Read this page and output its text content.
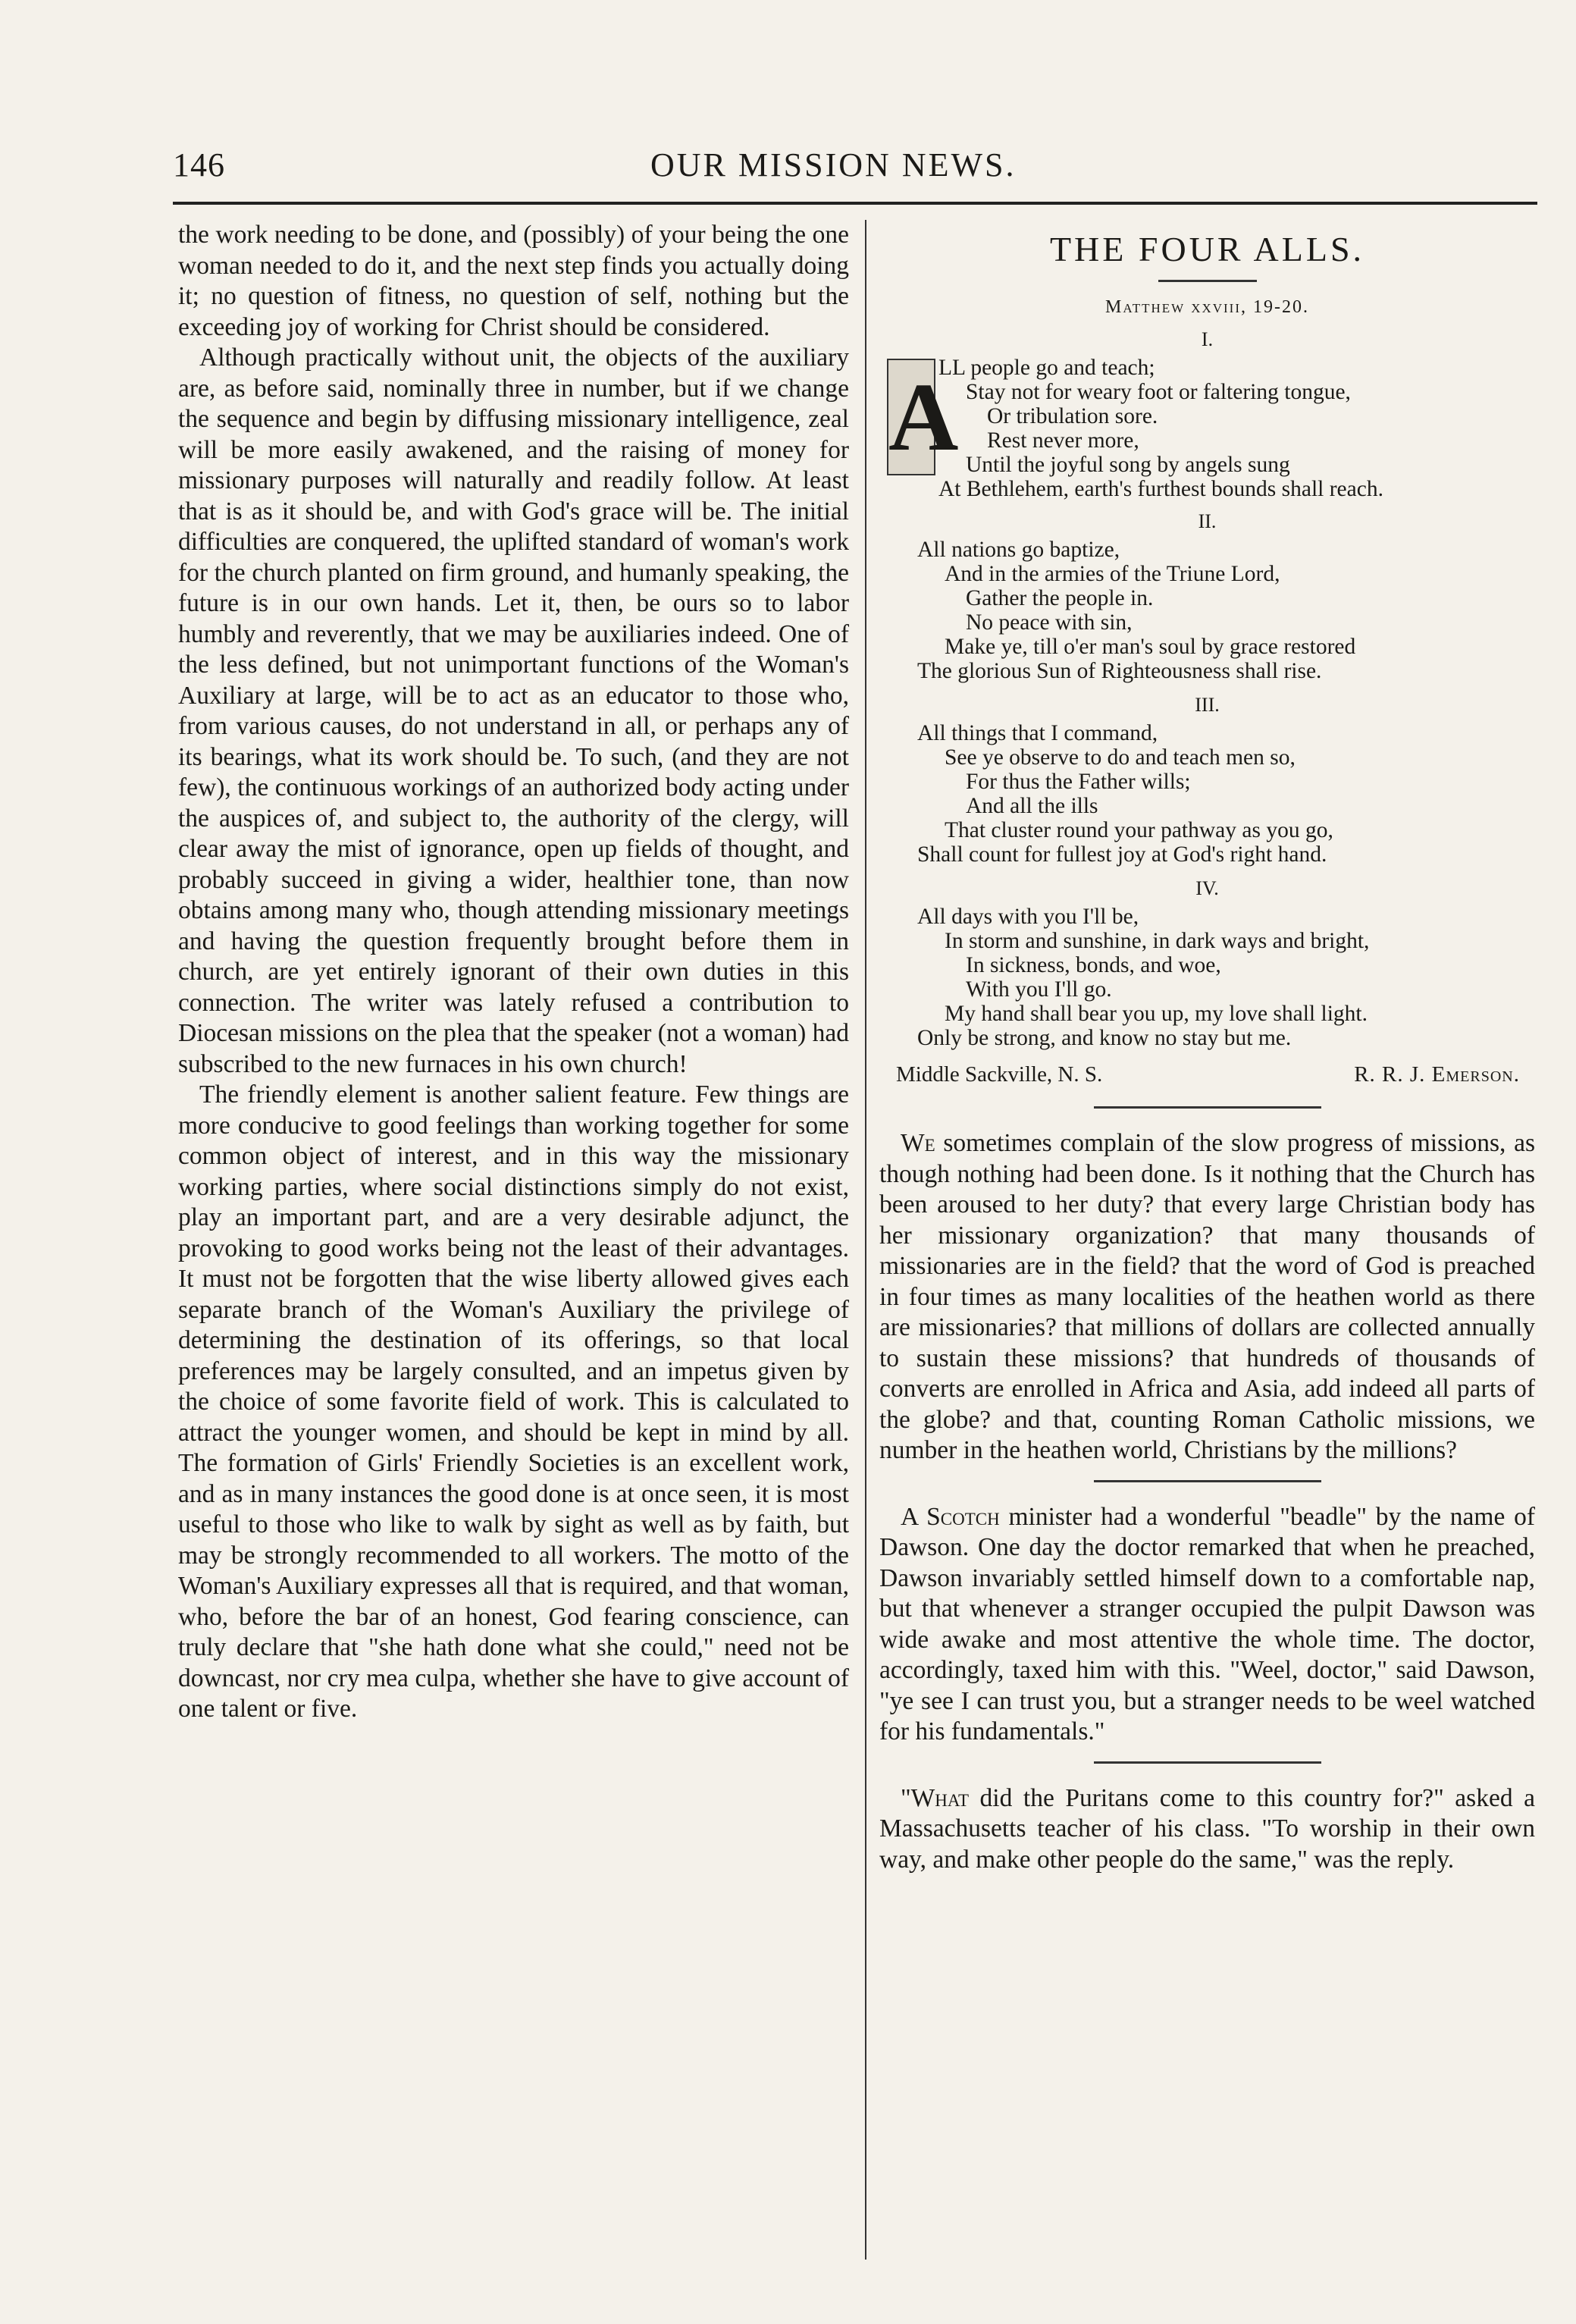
146	OUR MISSION NEWS.

the work needing to be done, and (possibly) of your being the one woman needed to do it, and the next step finds you actually doing it; no question of fitness, no question of self, nothing but the exceeding joy of working for Christ should be considered.

Although practically without unit, the objects of the auxiliary are, as before said, nominally three in number, but if we change the sequence and begin by diffusing missionary intelligence, zeal will be more easily awakened, and the raising of money for missionary purposes will naturally and readily follow. At least that is as it should be, and with God's grace will be. The initial difficulties are conquered, the uplifted standard of woman's work for the church planted on firm ground, and humanly speaking, the future is in our own hands. Let it, then, be ours so to labor humbly and reverently, that we may be auxiliaries indeed. One of the less defined, but not unimportant functions of the Woman's Auxiliary at large, will be to act as an educator to those who, from various causes, do not understand in all, or perhaps any of its bearings, what its work should be. To such, (and they are not few), the continuous workings of an authorized body acting under the auspices of, and subject to, the authority of the clergy, will clear away the mist of ignorance, open up fields of thought, and probably succeed in giving a wider, healthier tone, than now obtains among many who, though attending missionary meetings and having the question frequently brought before them in church, are yet entirely ignorant of their own duties in this connection. The writer was lately refused a contribution to Diocesan missions on the plea that the speaker (not a woman) had subscribed to the new furnaces in his own church!

The friendly element is another salient feature. Few things are more conducive to good feelings than working together for some common object of interest, and in this way the missionary working parties, where social distinctions simply do not exist, play an important part, and are a very desirable adjunct, the provoking to good works being not the least of their advantages. It must not be forgotten that the wise liberty allowed gives each separate branch of the Woman's Auxiliary the privilege of determining the destination of its offerings, so that local preferences may be largely consulted, and an impetus given by the choice of some favorite field of work. This is calculated to attract the younger women, and should be kept in mind by all. The formation of Girls' Friendly Societies is an excellent work, and as in many instances the good done is at once seen, it is most useful to those who like to walk by sight as well as by faith, but may be strongly recommended to all workers. The motto of the Woman's Auxiliary expresses all that is required, and that woman, who, before the bar of an honest, God fearing conscience, can truly declare that "she hath done what she could," need not be downcast, nor cry mea culpa, whether she have to give account of one talent or five.

THE FOUR ALLS.
Matthew xxviii, 19-20.
I.
A
LL people go and teach;
Stay not for weary foot or faltering tongue,
Or tribulation sore.
Rest never more,
Until the joyful song by angels sung
At Bethlehem, earth's furthest bounds shall reach.
II.
All nations go baptize,
And in the armies of the Triune Lord,
Gather the people in.
No peace with sin,
Make ye, till o'er man's soul by grace restored
The glorious Sun of Righteousness shall rise.
III.
All things that I command,
See ye observe to do and teach men so,
For thus the Father wills;
And all the ills
That cluster round your pathway as you go,
Shall count for fullest joy at God's right hand.
IV.
All days with you I'll be,
In storm and sunshine, in dark ways and bright,
In sickness, bonds, and woe,
With you I'll go.
My hand shall bear you up, my love shall light.
Only be strong, and know no stay but me.
Middle Sackville, N. S.	R. R. J. Emerson.

We sometimes complain of the slow progress of missions, as though nothing had been done. Is it nothing that the Church has been aroused to her duty? that every large Christian body has her missionary organization? that many thousands of missionaries are in the field? that the word of God is preached in four times as many localities of the heathen world as there are missionaries? that millions of dollars are collected annually to sustain these missions? that hundreds of thousands of converts are enrolled in Africa and Asia, add indeed all parts of the globe? and that, counting Roman Catholic missions, we number in the heathen world, Christians by the millions?

A Scotch minister had a wonderful "beadle" by the name of Dawson. One day the doctor remarked that when he preached, Dawson invariably settled himself down to a comfortable nap, but that whenever a stranger occupied the pulpit Dawson was wide awake and most attentive the whole time. The doctor, accordingly, taxed him with this. "Weel, doctor," said Dawson, "ye see I can trust you, but a stranger needs to be weel watched for his fundamentals."

"What did the Puritans come to this country for?" asked a Massachusetts teacher of his class. "To worship in their own way, and make other people do the same," was the reply.
